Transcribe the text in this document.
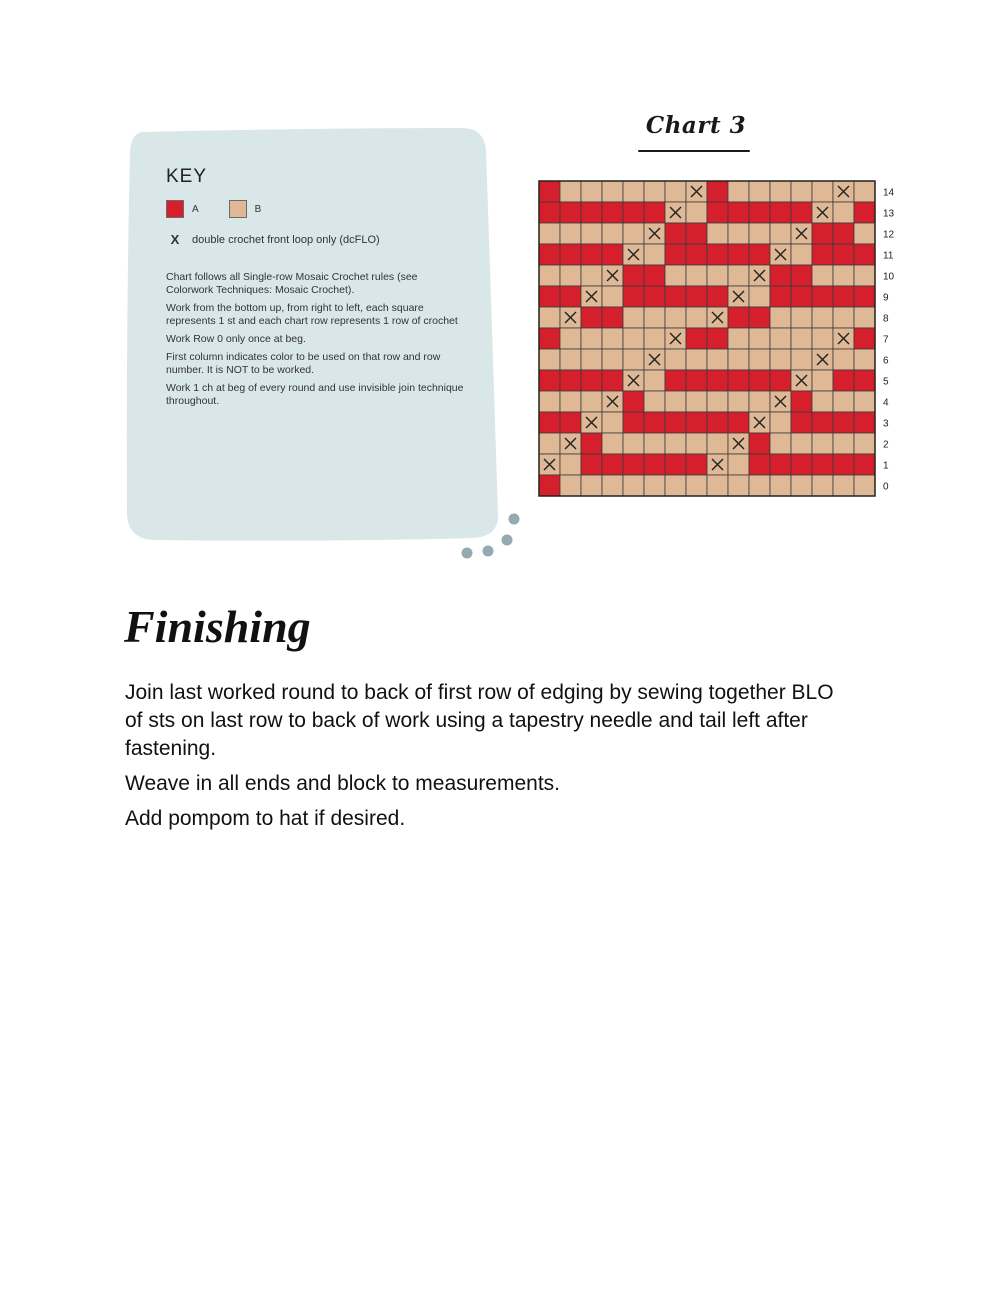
KEY
A	B
X	double crochet front loop only (dcFLO)

Chart follows all Single-row Mosaic Crochet rules (see Colorwork Techniques: Mosaic Crochet).

Work from the bottom up, from right to left, each square represents 1 st and each chart row represents 1 row of crochet

Work Row 0 only once at beg.

First column indicates color to be used on that row and row number. It is NOT to be worked.

Work 1 ch at beg of every round and use invisible join technique throughout.

Chart 3
14
13
12
11
10
9
8
7
6
5
4
3
2
1
0
Finishing

Join last worked round to back of first row of edging by sewing together BLO of sts on last row to back of work using a tapestry needle and tail left after fastening.

Weave in all ends and block to measurements.

Add pompom to hat if desired.
